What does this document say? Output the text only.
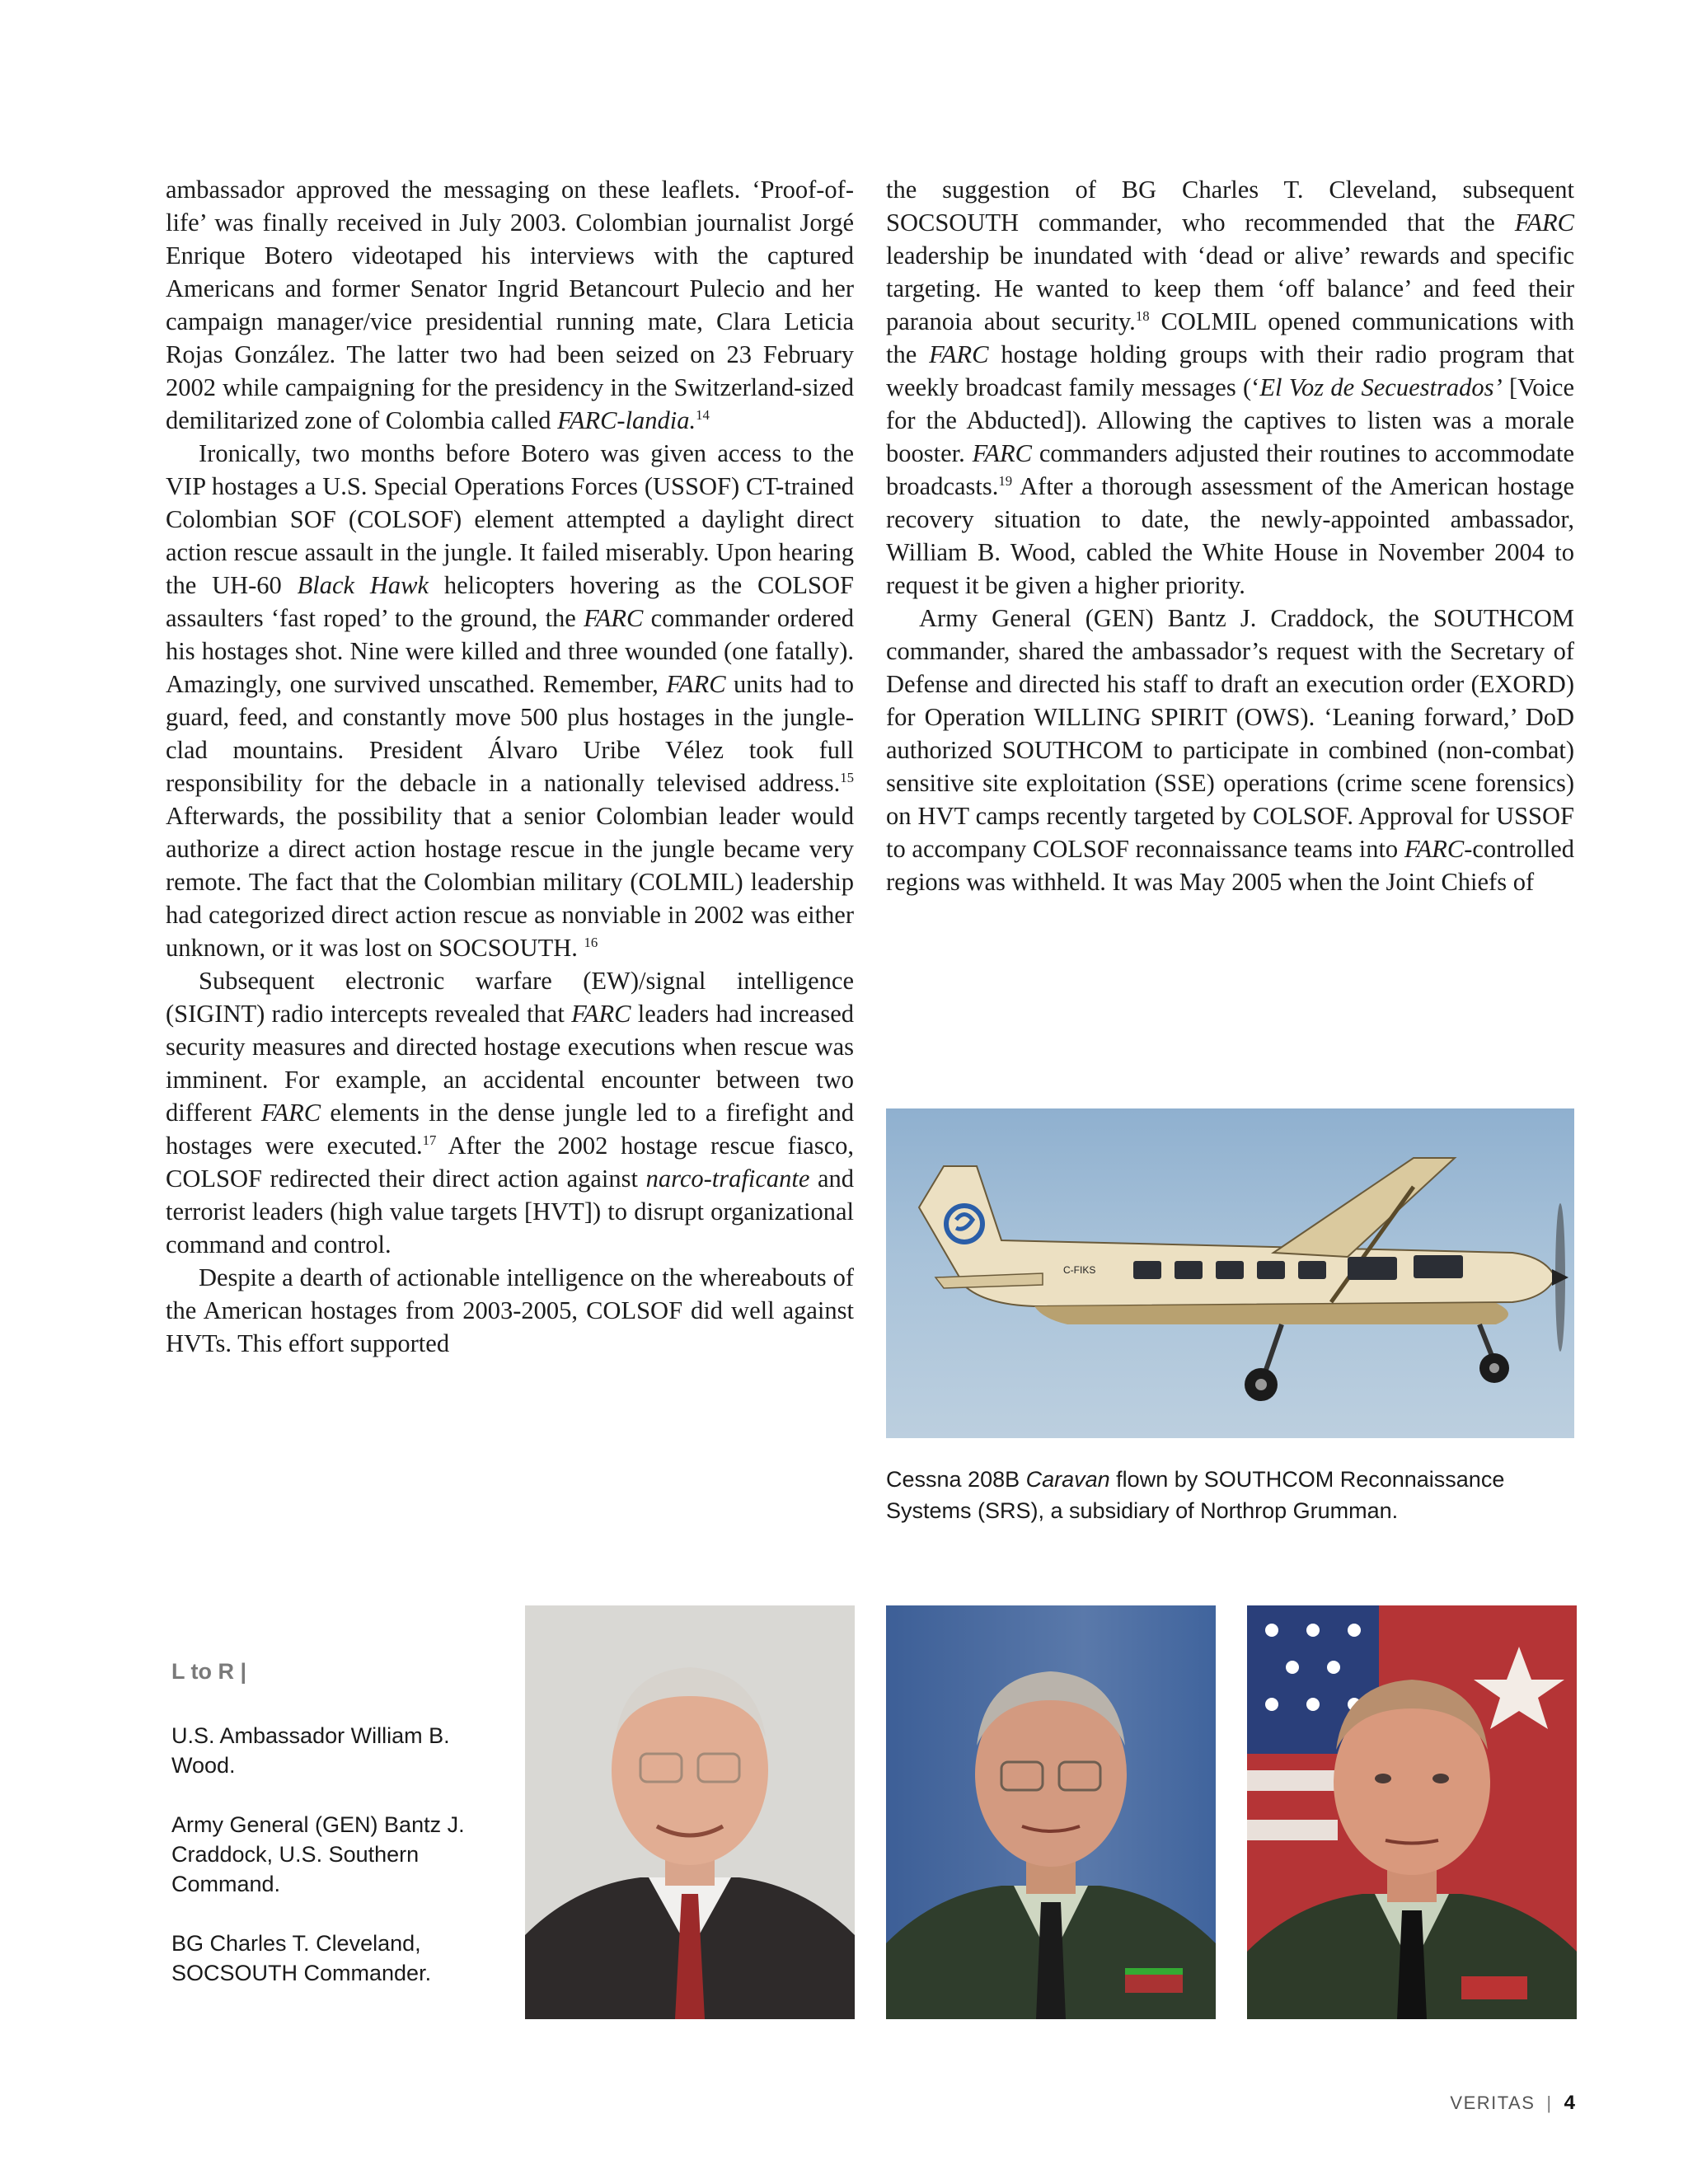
ambassador approved the messaging on these leaflets. ‘Proof-of-life’ was finally received in July 2003. Colombian journalist Jorgé Enrique Botero videotaped his interviews with the captured Americans and former Senator Ingrid Betancourt Pulecio and her campaign manager/vice presidential running mate, Clara Leticia Rojas González. The latter two had been seized on 23 February 2002 while campaigning for the presidency in the Switzerland-sized demilitarized zone of Colombia called FARC-landia.$^{14}$

Ironically, two months before Botero was given access to the VIP hostages a U.S. Special Operations Forces (USSOF) CT-trained Colombian SOF (COLSOF) element attempted a daylight direct action rescue assault in the jungle. It failed miserably. Upon hearing the UH-60 Black Hawk helicopters hovering as the COLSOF assaulters ‘fast roped’ to the ground, the FARC commander ordered his hostages shot. Nine were killed and three wounded (one fatally). Amazingly, one survived unscathed. Remember, FARC units had to guard, feed, and constantly move 500 plus hostages in the jungle-clad mountains. President Álvaro Uribe Vélez took full responsibility for the debacle in a nationally televised address.$^{15}$ Afterwards, the possibility that a senior Colombian leader would authorize a direct action hostage rescue in the jungle became very remote. The fact that the Colombian military (COLMIL) leadership had categorized direct action rescue as nonviable in 2002 was either unknown, or it was lost on SOCSOUTH. $^{16}$

Subsequent electronic warfare (EW)/signal intelligence (SIGINT) radio intercepts revealed that FARC leaders had increased security measures and directed hostage executions when rescue was imminent. For example, an accidental encounter between two different FARC elements in the dense jungle led to a firefight and hostages were executed.$^{17}$ After the 2002 hostage rescue fiasco, COLSOF redirected their direct action against narco-traficante and terrorist leaders (high value targets [HVT]) to disrupt organizational command and control.

Despite a dearth of actionable intelligence on the whereabouts of the American hostages from 2003-2005, COLSOF did well against HVTs. This effort supported

the suggestion of BG Charles T. Cleveland, subsequent SOCSOUTH commander, who recommended that the FARC leadership be inundated with ‘dead or alive’ rewards and specific targeting. He wanted to keep them ‘off balance’ and feed their paranoia about security.$^{18}$ COLMIL opened communications with the FARC hostage holding groups with their radio program that weekly broadcast family messages (‘El Voz de Secuestrados’ [Voice for the Abducted]). Allowing the captives to listen was a morale booster. FARC commanders adjusted their routines to accommodate broadcasts.$^{19}$ After a thorough assessment of the American hostage recovery situation to date, the newly-appointed ambassador, William B. Wood, cabled the White House in November 2004 to request it be given a higher priority.

Army General (GEN) Bantz J. Craddock, the SOUTHCOM commander, shared the ambassador’s request with the Secretary of Defense and directed his staff to draft an execution order (EXORD) for Operation WILLING SPIRIT (OWS). ‘Leaning forward,’ DoD authorized SOUTHCOM to participate in combined (non-combat) sensitive site exploitation (SSE) operations (crime scene forensics) on HVT camps recently targeted by COLSOF. Approval for USSOF to accompany COLSOF reconnaissance teams into FARC-controlled regions was withheld. It was May 2005 when the Joint Chiefs of

C-FIKS
Cessna 208B Caravan flown by SOUTHCOM Reconnaissance Systems (SRS), a subsidiary of Northrop Grumman.
L to R |
U.S. Ambassador William B. Wood.
Army General (GEN) Bantz J. Craddock, U.S. Southern Command.
BG Charles T. Cleveland, SOCSOUTH Commander.
VERITAS | 4
